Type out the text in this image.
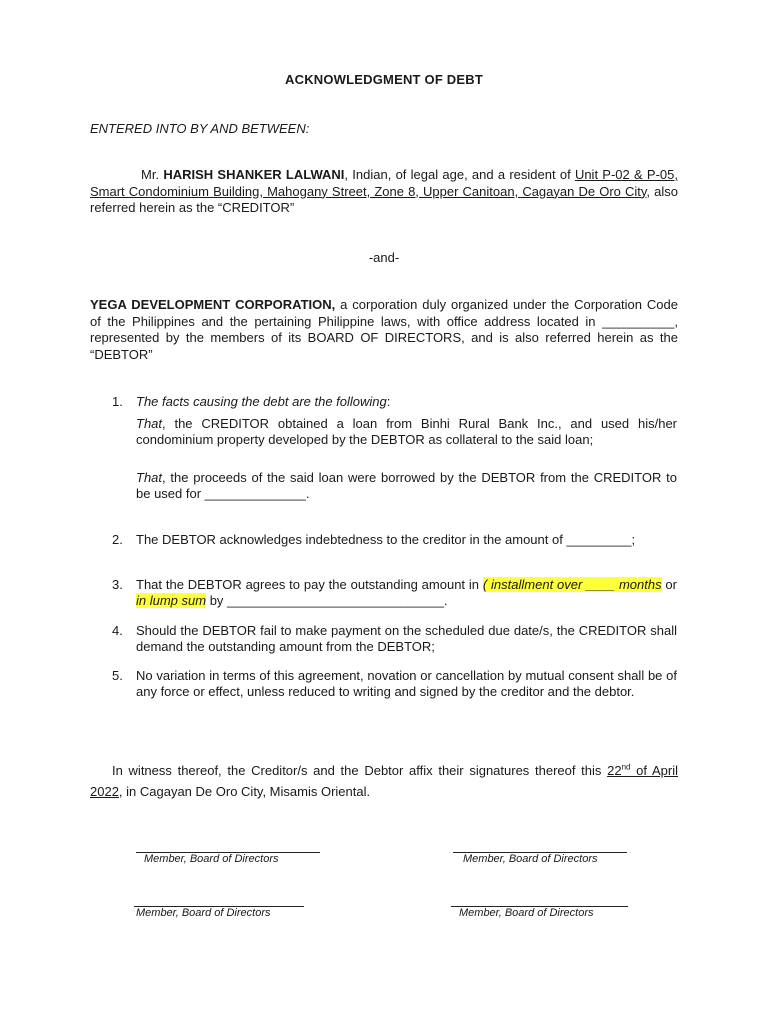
ACKNOWLEDGMENT OF DEBT
ENTERED INTO BY AND BETWEEN:
Mr. HARISH SHANKER LALWANI, Indian, of legal age, and a resident of Unit P-02 & P-05, Smart Condominium Building, Mahogany Street, Zone 8, Upper Canitoan, Cagayan De Oro City, also referred herein as the “CREDITOR”
-and-
YEGA DEVELOPMENT CORPORATION, a corporation duly organized under the Corporation Code of the Philippines and the pertaining Philippine laws, with office address located in __________, represented by the members of its BOARD OF DIRECTORS, and is also referred herein as the “DEBTOR”
1. The facts causing the debt are the following:
That, the CREDITOR obtained a loan from Binhi Rural Bank Inc., and used his/her condominium property developed by the DEBTOR as collateral to the said loan;
That, the proceeds of the said loan were borrowed by the DEBTOR from the CREDITOR to be used for ______________.
2. The DEBTOR acknowledges indebtedness to the creditor in the amount of _________;
3. That the DEBTOR agrees to pay the outstanding amount in ( installment over ____ months or in lump sum by ______________________________.
4. Should the DEBTOR fail to make payment on the scheduled due date/s, the CREDITOR shall demand the outstanding amount from the DEBTOR;
5. No variation in terms of this agreement, novation or cancellation by mutual consent shall be of any force or effect, unless reduced to writing and signed by the creditor and the debtor.
In witness thereof, the Creditor/s and the Debtor affix their signatures thereof this 22nd of April 2022, in Cagayan De Oro City, Misamis Oriental.
Member, Board of Directors	Member, Board of Directors
Member, Board of Directors	Member, Board of Directors
